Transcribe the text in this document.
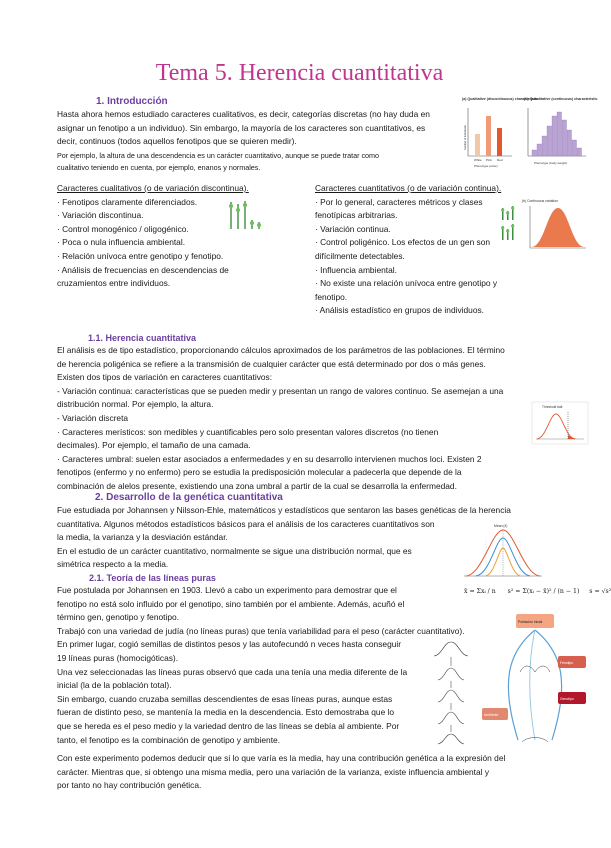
Tema 5. Herencia cuantitativa
1. Introducción
Hasta ahora hemos estudiado caracteres cualitativos, es decir, categorías discretas (no hay duda en
asignar un fenotipo a un individuo). Sin embargo, la mayoría de los caracteres son cuantitativos, es
decir, continuos (todos aquellos fenotipos que se quieren medir).
Por ejemplo, la altura de una descendencia es un carácter cuantitativo, aunque se puede tratar como
cualitativo teniendo en cuenta, por ejemplo, enanos y normales.
(a) Qualitative (discontinuous) characteristic
(b) Quantitative (continuous) characteristic
White Pink Red
Phenotype (color)
Number of individuals
Phenotype (body weight)
Caracteres cualitativos (o de variación discontinua).
· Fenotipos claramente diferenciados.
· Variación discontinua.
· Control monogénico / oligogénico.
· Poca o nula influencia ambiental.
· Relación unívoca entre genotipo y fenotipo.
· Análisis de frecuencias en descendencias de
cruzamientos entre individuos.
Caracteres cuantitativos (o de variación continua).
· Por lo general, caracteres métricos y clases
fenotípicas arbitrarias.
· Variación continua.
· Control poligénico. Los efectos de un gen son
difícilmente detectables.
· Influencia ambiental.
· No existe una relación unívoca entre genotipo y
fenotipo.
· Análisis estadístico en grupos de individuos.
(b) Continuous variation
1.1. Herencia cuantitativa
El análisis es de tipo estadístico, proporcionando cálculos aproximados de los parámetros de las poblaciones. El término
de herencia poligénica se refiere a la transmisión de cualquier carácter que está determinado por dos o más genes.
Existen dos tipos de variación en caracteres cuantitativos:
- Variación continua: características que se pueden medir y presentan un rango de valores continuo. Se asemejan a una
distribución normal. Por ejemplo, la altura.
- Variación discreta
· Caracteres merísticos: son medibles y cuantificables pero solo presentan valores discretos (no tienen
decimales). Por ejemplo, el tamaño de una camada.
· Caracteres umbral: suelen estar asociados a enfermedades y en su desarrollo intervienen muchos loci. Existen 2
fenotipos (enfermo y no enfermo) pero se estudia la predisposición molecular a padecerla que depende de la
combinación de alelos presente, existiendo una zona umbral a partir de la cual se desarrolla la enfermedad.
Threshold trait
2. Desarrollo de la genética cuantitativa
Fue estudiada por Johannsen y Nilsson-Ehle, matemáticos y estadísticos que sentaron las bases genéticas de la herencia
cuantitativa. Algunos métodos estadísticos básicos para el análisis de los caracteres cuantitativos son
la media, la varianza y la desviación estándar.
En el estudio de un carácter cuantitativo, normalmente se sigue una distribución normal, que es
simétrica respecto a la media.
Mean (x̄)
x̄ = Σxᵢ / n s² = Σ(xᵢ − x̄)² / (n − 1) s = √s²
2.1. Teoría de las líneas puras
Fue postulada por Johannsen en 1903. Llevó a cabo un experimento para demostrar que el
fenotipo no está solo influido por el genotipo, sino también por el ambiente. Además, acuñó el
término gen, genotipo y fenotipo.
Trabajó con una variedad de judía (no líneas puras) que tenía variabilidad para el peso (carácter cuantitativo).
En primer lugar, cogió semillas de distintos pesos y las autofecundó n veces hasta conseguir
19 líneas puras (homocigóticas).
Una vez seleccionadas las líneas puras observó que cada una tenía una media diferente de la
inicial (la de la población total).
Sin embargo, cuando cruzaba semillas descendientes de esas líneas puras, aunque estas
fueran de distinto peso, se mantenía la media en la descendencia. Esto demostraba que lo
que se hereda es el peso medio y la variedad dentro de las líneas se debía al ambiente. Por
tanto, el fenotipo es la combinación de genotipo y ambiente.
Población inicial
Fenotipo
Genotipo
Ambiente
Con este experimento podemos deducir que si lo que varía es la media, hay una contribución genética a la expresión del
carácter. Mientras que, si obtengo una misma media, pero una variación de la varianza, existe influencia ambiental y
por tanto no hay contribución genética.
